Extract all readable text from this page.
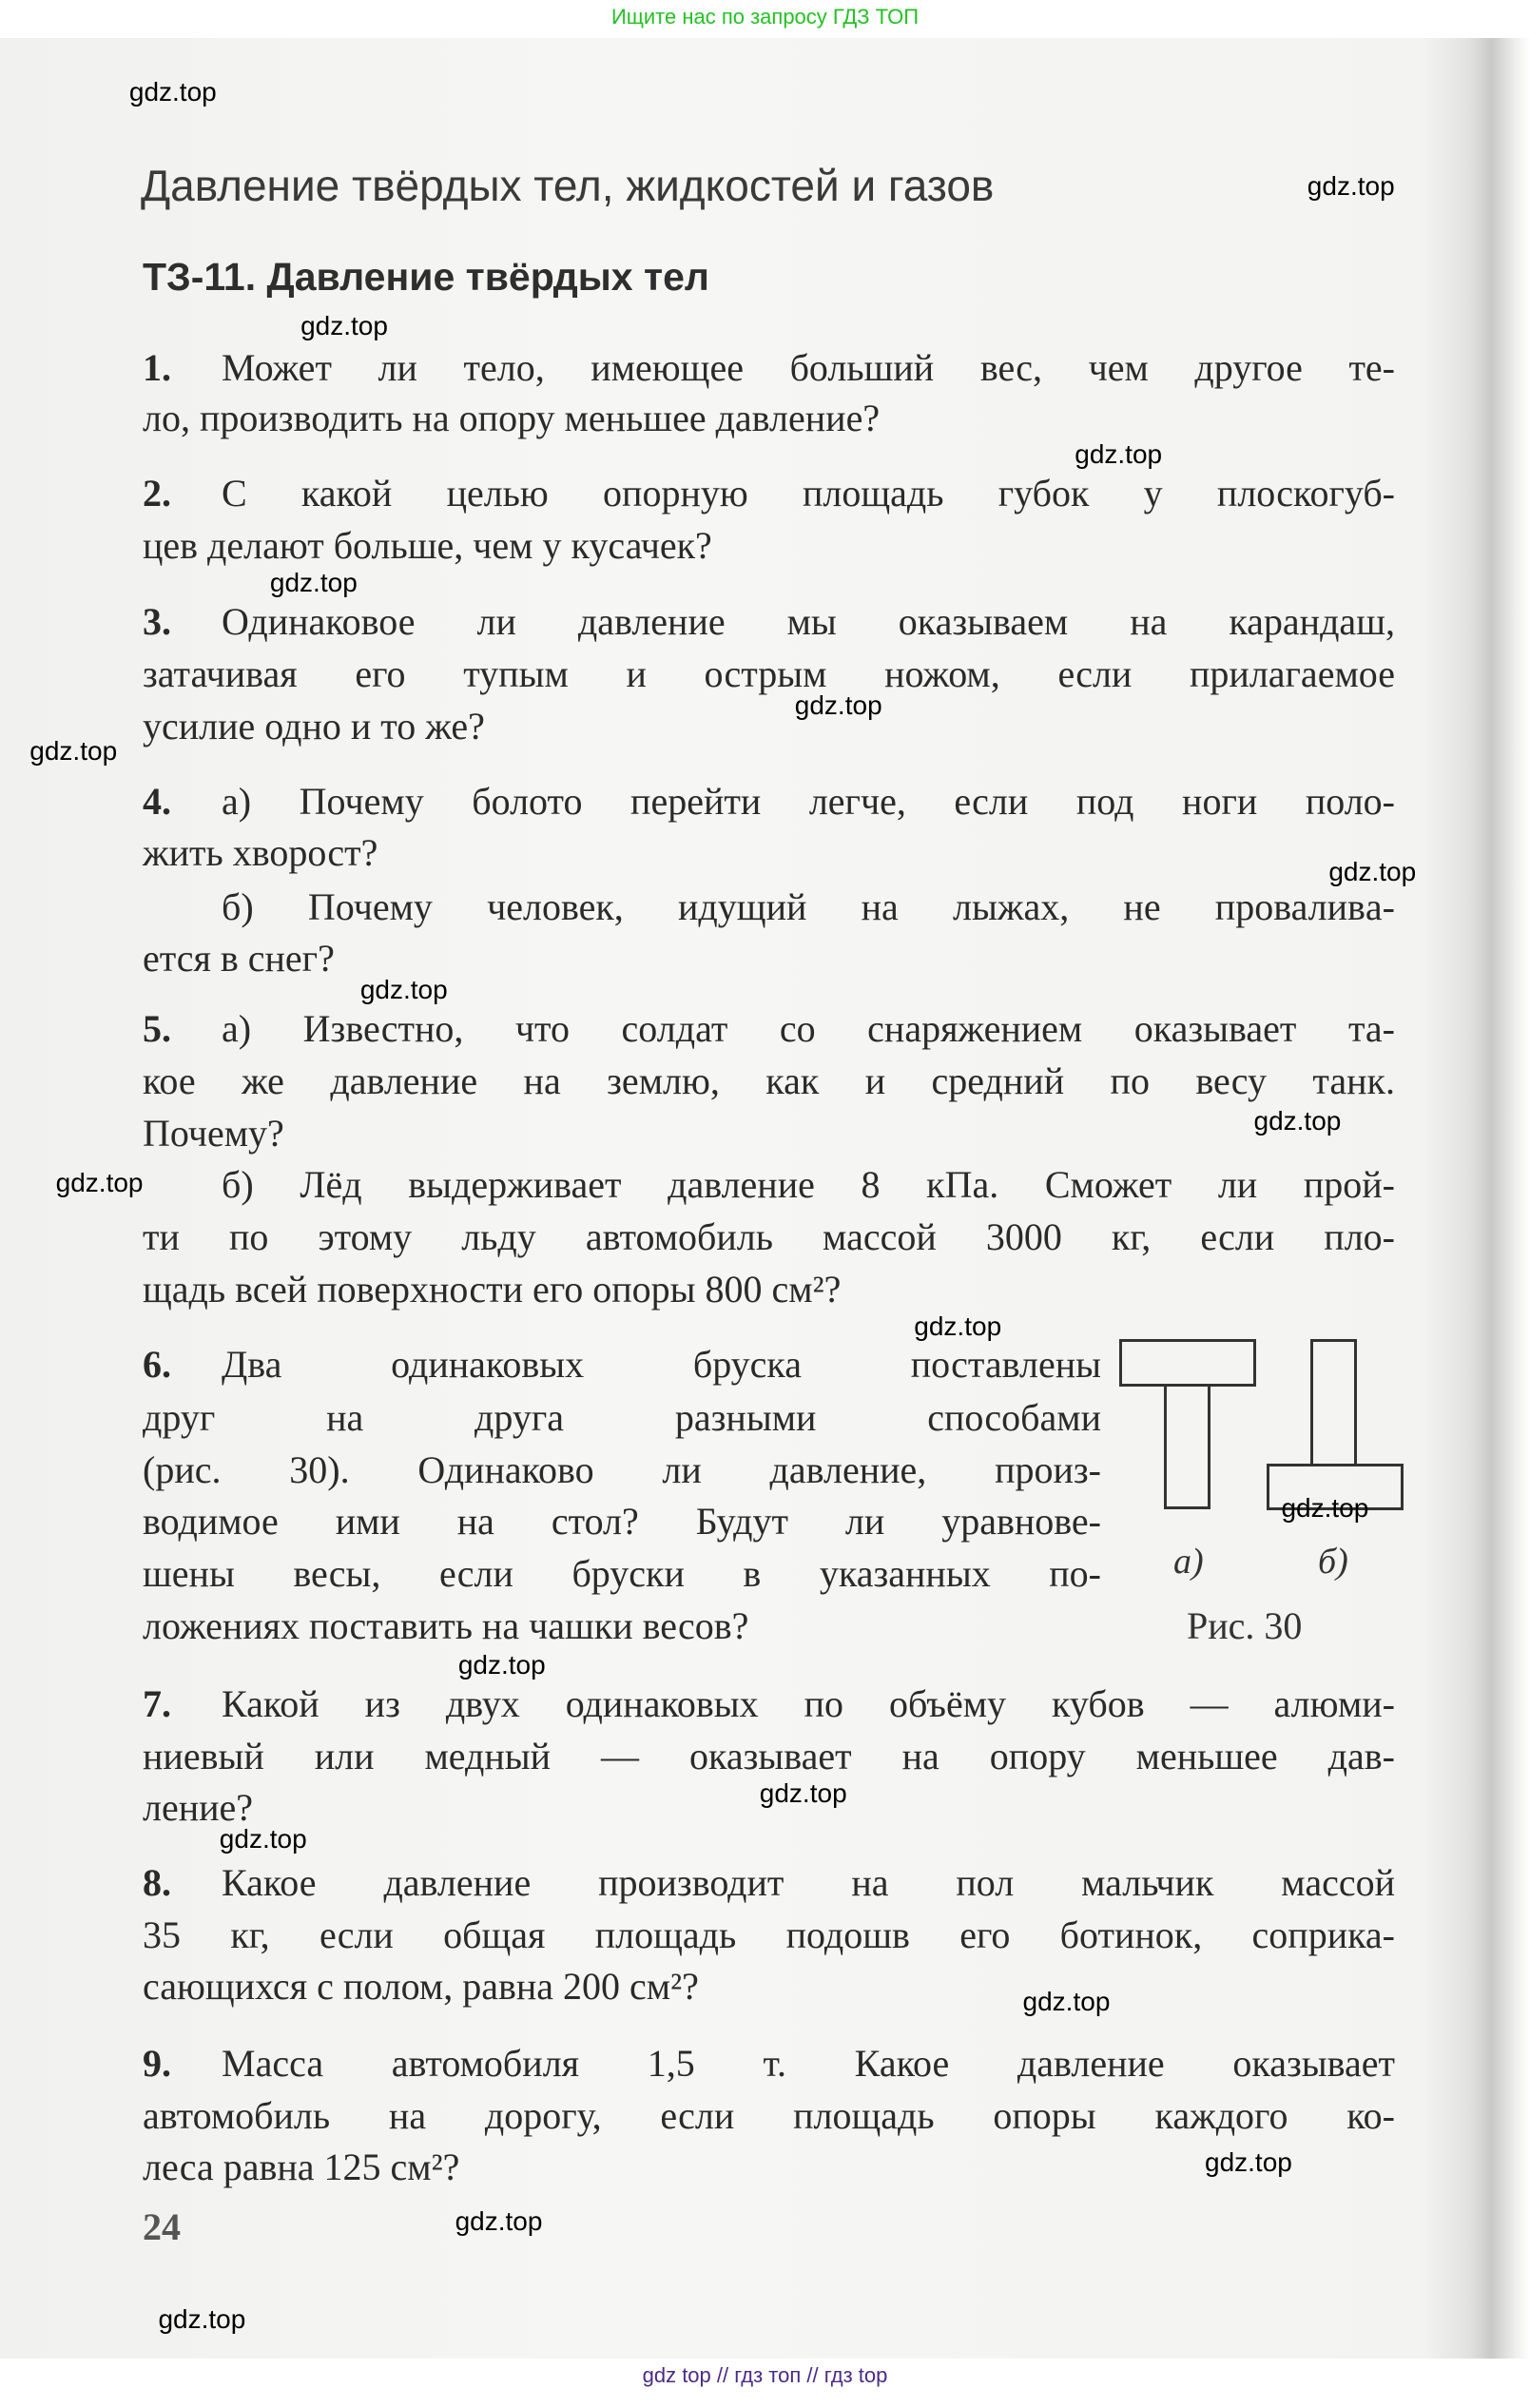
Ищите нас по запросу ГДЗ ТОП
Давление твёрдых тел, жидкостей и газов
ТЗ-11. Давление твёрдых тел
1. Может ли тело, имеющее больший вес, чем другое те-
ло, производить на опору меньшее давление?
2. С какой целью опорную площадь губок у плоскогуб-
цев делают больше, чем у кусачек?
3. Одинаковое ли давление мы оказываем на карандаш,
затачивая его тупым и острым ножом, если прилагаемое
усилие одно и то же?
4. а) Почему болото перейти легче, если под ноги поло-
жить хворост?
б) Почему человек, идущий на лыжах, не проваливa-
ется в снег?
5. а) Известно, что солдат со снаряжением оказывает та-
кое же давление на землю, как и средний по весу танк.
Почему?
б) Лёд выдерживает давление 8 кПа. Сможет ли прой-
ти по этому льду автомобиль массой 3000 кг, если пло-
щадь всей поверхности его опоры 800 см²?
6. Два одинаковых бруска поставлены
друг на друга разными способами
(рис. 30). Одинаково ли давление, произ-
водимое ими на стол? Будут ли уравнове-
шены весы, если бруски в указанных по-
ложениях поставить на чашки весов?
7. Какой из двух одинаковых по объёму кубов — алюми-
ниевый или медный — оказывает на опору меньшее дав-
ление?
8. Какое давление производит на пол мальчик массой
35 кг, если общая площадь подошв его ботинок, соприка-
сающихся с полом, равна 200 см²?
9. Масса автомобиля 1,5 т. Какое давление оказывает
автомобиль на дорогу, если площадь опоры каждого ко-
леса равна 125 см²?
а)	б)
Рис. 30
24
gdz.top
gdz.top
gdz.top
gdz.top
gdz.top
gdz.top
gdz.top
gdz.top
gdz.top
gdz.top
gdz.top
gdz.top
gdz.top
gdz.top
gdz.top
gdz.top
gdz.top
gdz.top
gdz.top
gdz.top
gdz top // гдз топ // гдз top
